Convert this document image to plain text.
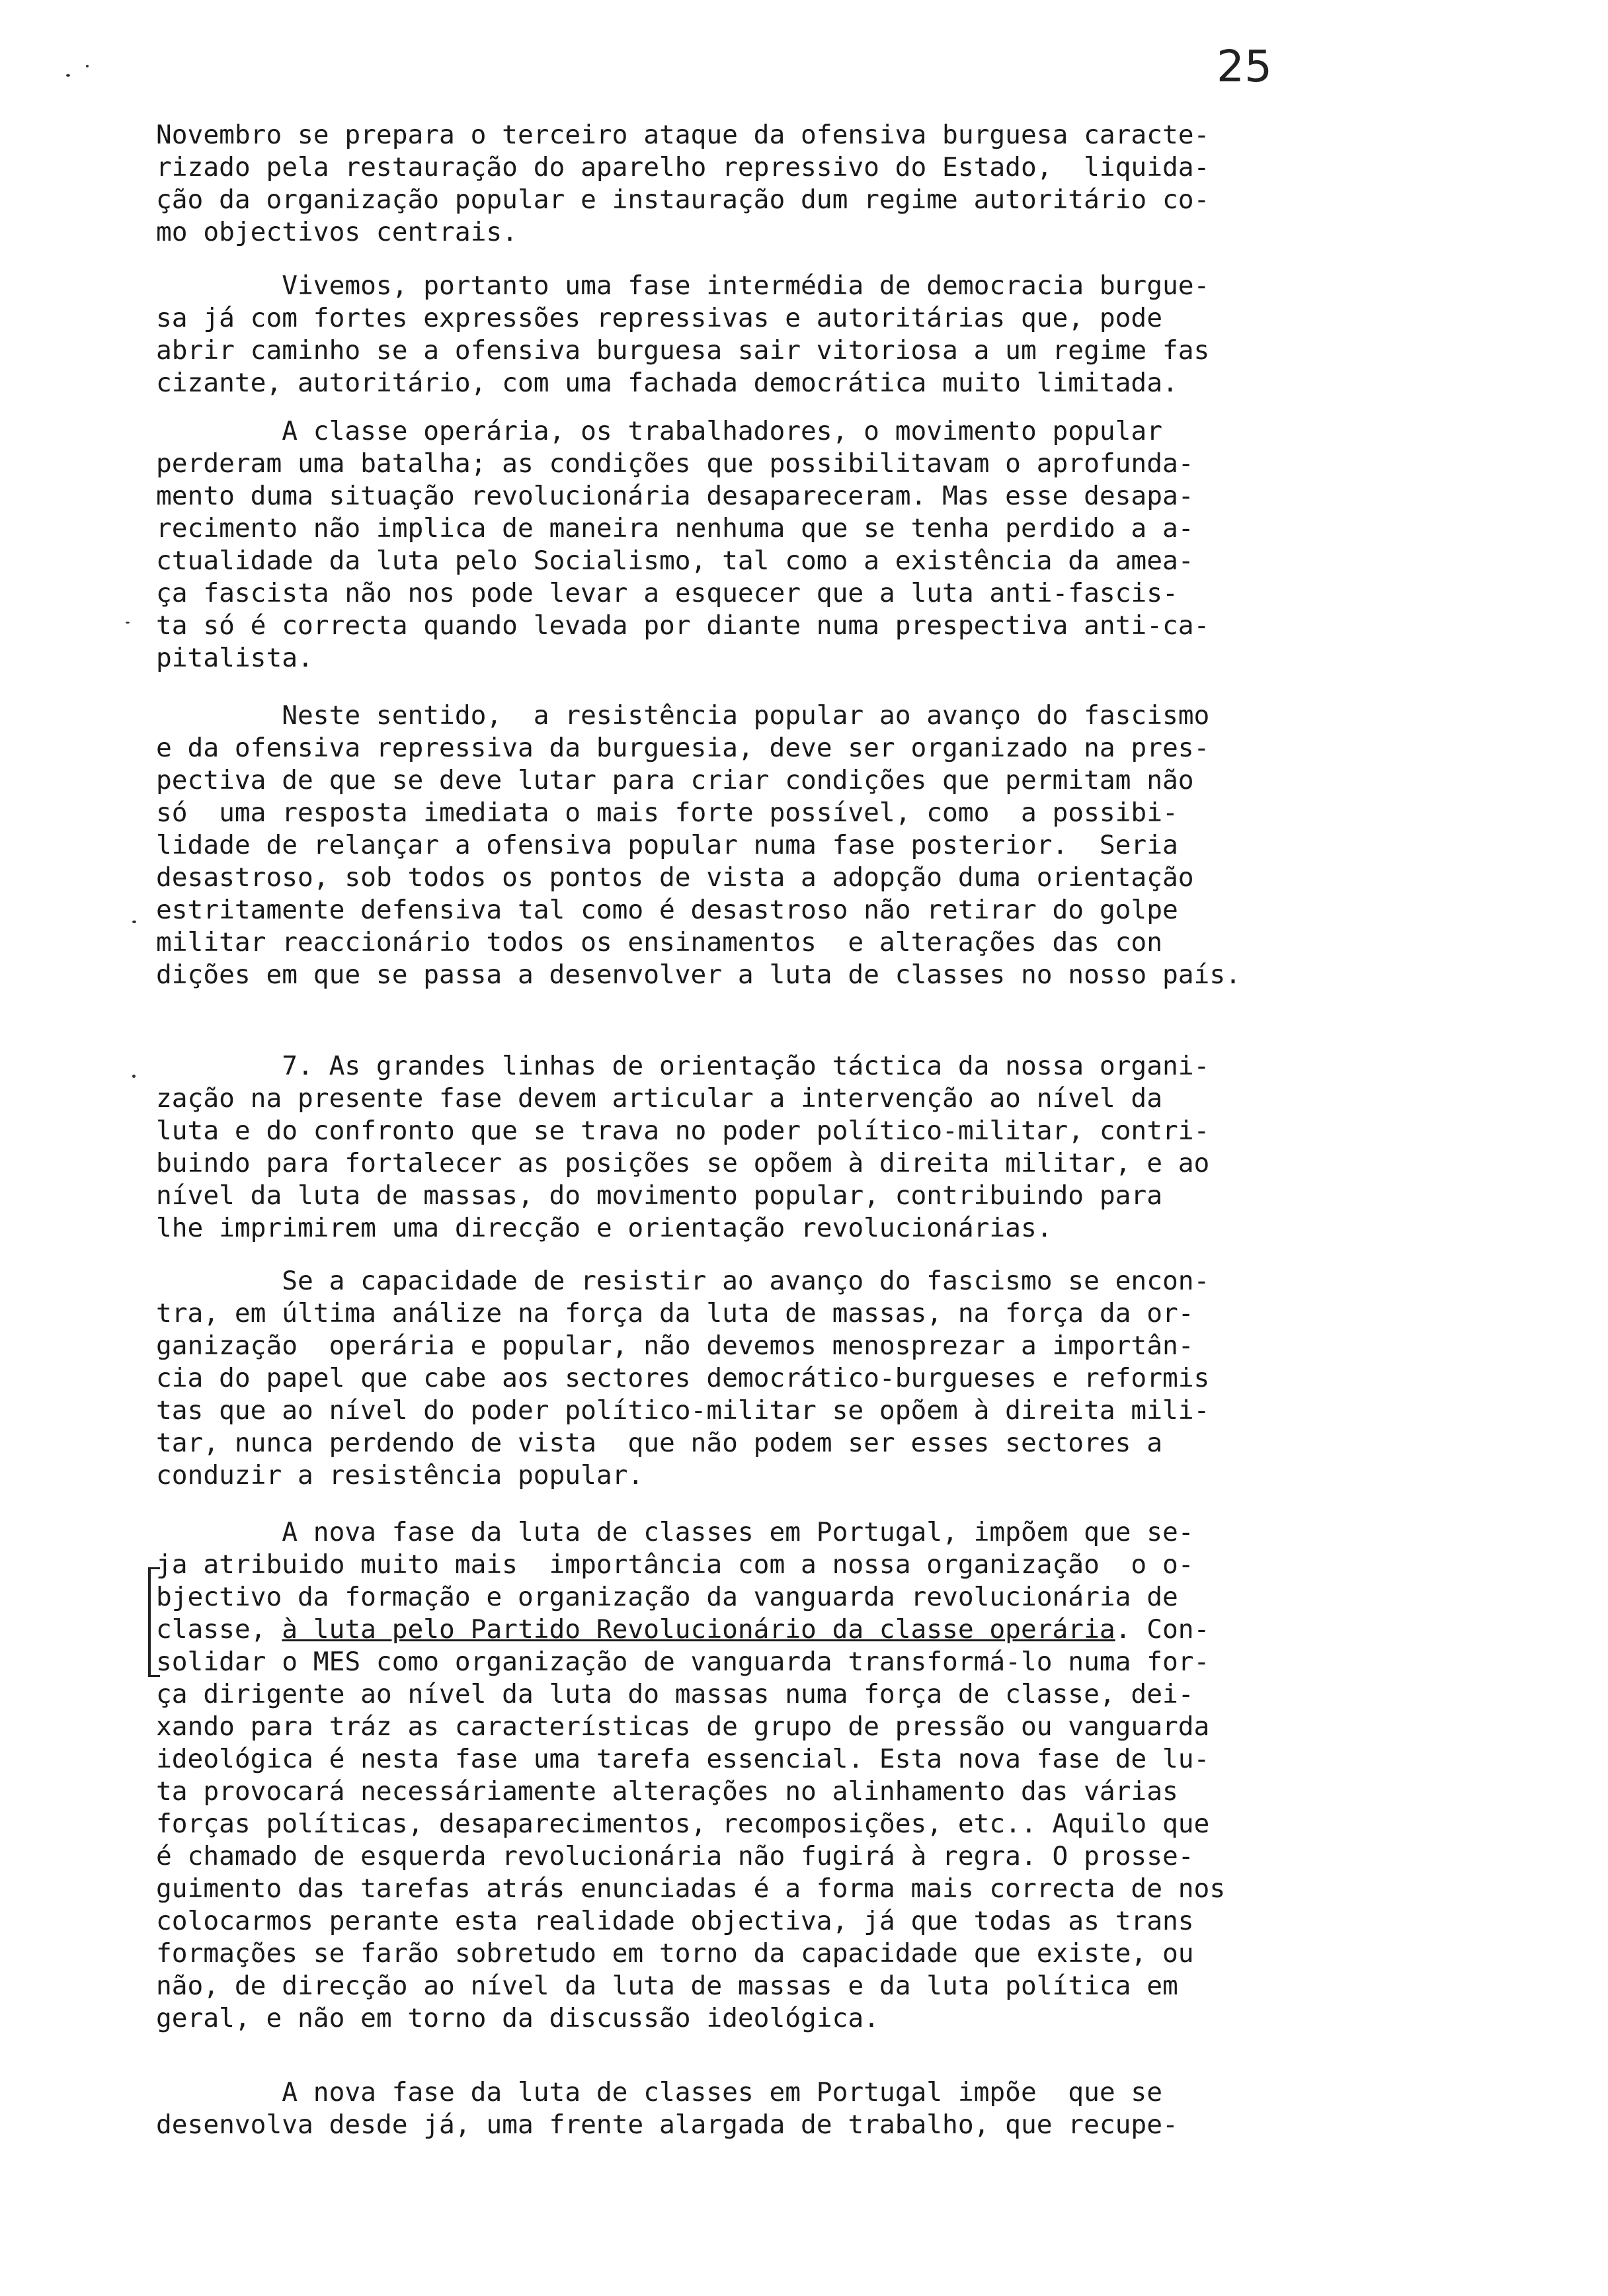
25
Novembro se prepara o terceiro ataque da ofensiva burguesa caracte-
rizado pela restauração do aparelho repressivo do Estado,  liquida-
ção da organização popular e instauração dum regime autoritário co-
mo objectivos centrais.
Vivemos, portanto uma fase intermédia de democracia burgue-
sa já com fortes expressões repressivas e autoritárias que, pode
abrir caminho se a ofensiva burguesa sair vitoriosa a um regime fas
cizante, autoritário, com uma fachada democrática muito limitada.
A classe operária, os trabalhadores, o movimento popular
perderam uma batalha; as condições que possibilitavam o aprofunda-
mento duma situação revolucionária desapareceram. Mas esse desapa-
recimento não implica de maneira nenhuma que se tenha perdido a a-
ctualidade da luta pelo Socialismo, tal como a existência da amea-
ça fascista não nos pode levar a esquecer que a luta anti-fascis-
ta só é correcta quando levada por diante numa prespectiva anti-ca-
pitalista.
Neste sentido,  a resistência popular ao avanço do fascismo
e da ofensiva repressiva da burguesia, deve ser organizado na pres-
pectiva de que se deve lutar para criar condições que permitam não
só  uma resposta imediata o mais forte possível, como  a possibi-
lidade de relançar a ofensiva popular numa fase posterior.  Seria
desastroso, sob todos os pontos de vista a adopção duma orientação
estritamente defensiva tal como é desastroso não retirar do golpe
militar reaccionário todos os ensinamentos  e alterações das con
dições em que se passa a desenvolver a luta de classes no nosso país.
7. As grandes linhas de orientação táctica da nossa organi-
zação na presente fase devem articular a intervenção ao nível da
luta e do confronto que se trava no poder político-militar, contri-
buindo para fortalecer as posições se opõem à direita militar, e ao
nível da luta de massas, do movimento popular, contribuindo para
lhe imprimirem uma direcção e orientação revolucionárias.
Se a capacidade de resistir ao avanço do fascismo se encon-
tra, em última análize na força da luta de massas, na força da or-
ganização  operária e popular, não devemos menosprezar a importân-
cia do papel que cabe aos sectores democrático-burgueses e reformis
tas que ao nível do poder político-militar se opõem à direita mili-
tar, nunca perdendo de vista  que não podem ser esses sectores a
conduzir a resistência popular.
A nova fase da luta de classes em Portugal, impõem que se-
ja atribuido muito mais  importância com a nossa organização  o o-
bjectivo da formação e organização da vanguarda revolucionária de
classe, à luta pelo Partido Revolucionário da classe operária. Con-
solidar o MES como organização de vanguarda transformá-lo numa for-
ça dirigente ao nível da luta do massas numa força de classe, dei-
xando para tráz as características de grupo de pressão ou vanguarda
ideológica é nesta fase uma tarefa essencial. Esta nova fase de lu-
ta provocará necessáriamente alterações no alinhamento das várias
forças políticas, desaparecimentos, recomposições, etc.. Aquilo que
é chamado de esquerda revolucionária não fugirá à regra. O prosse-
guimento das tarefas atrás enunciadas é a forma mais correcta de nos
colocarmos perante esta realidade objectiva, já que todas as trans
formações se farão sobretudo em torno da capacidade que existe, ou
não, de direcção ao nível da luta de massas e da luta política em
geral, e não em torno da discussão ideológica.
A nova fase da luta de classes em Portugal impõe  que se
desenvolva desde já, uma frente alargada de trabalho, que recupe-
